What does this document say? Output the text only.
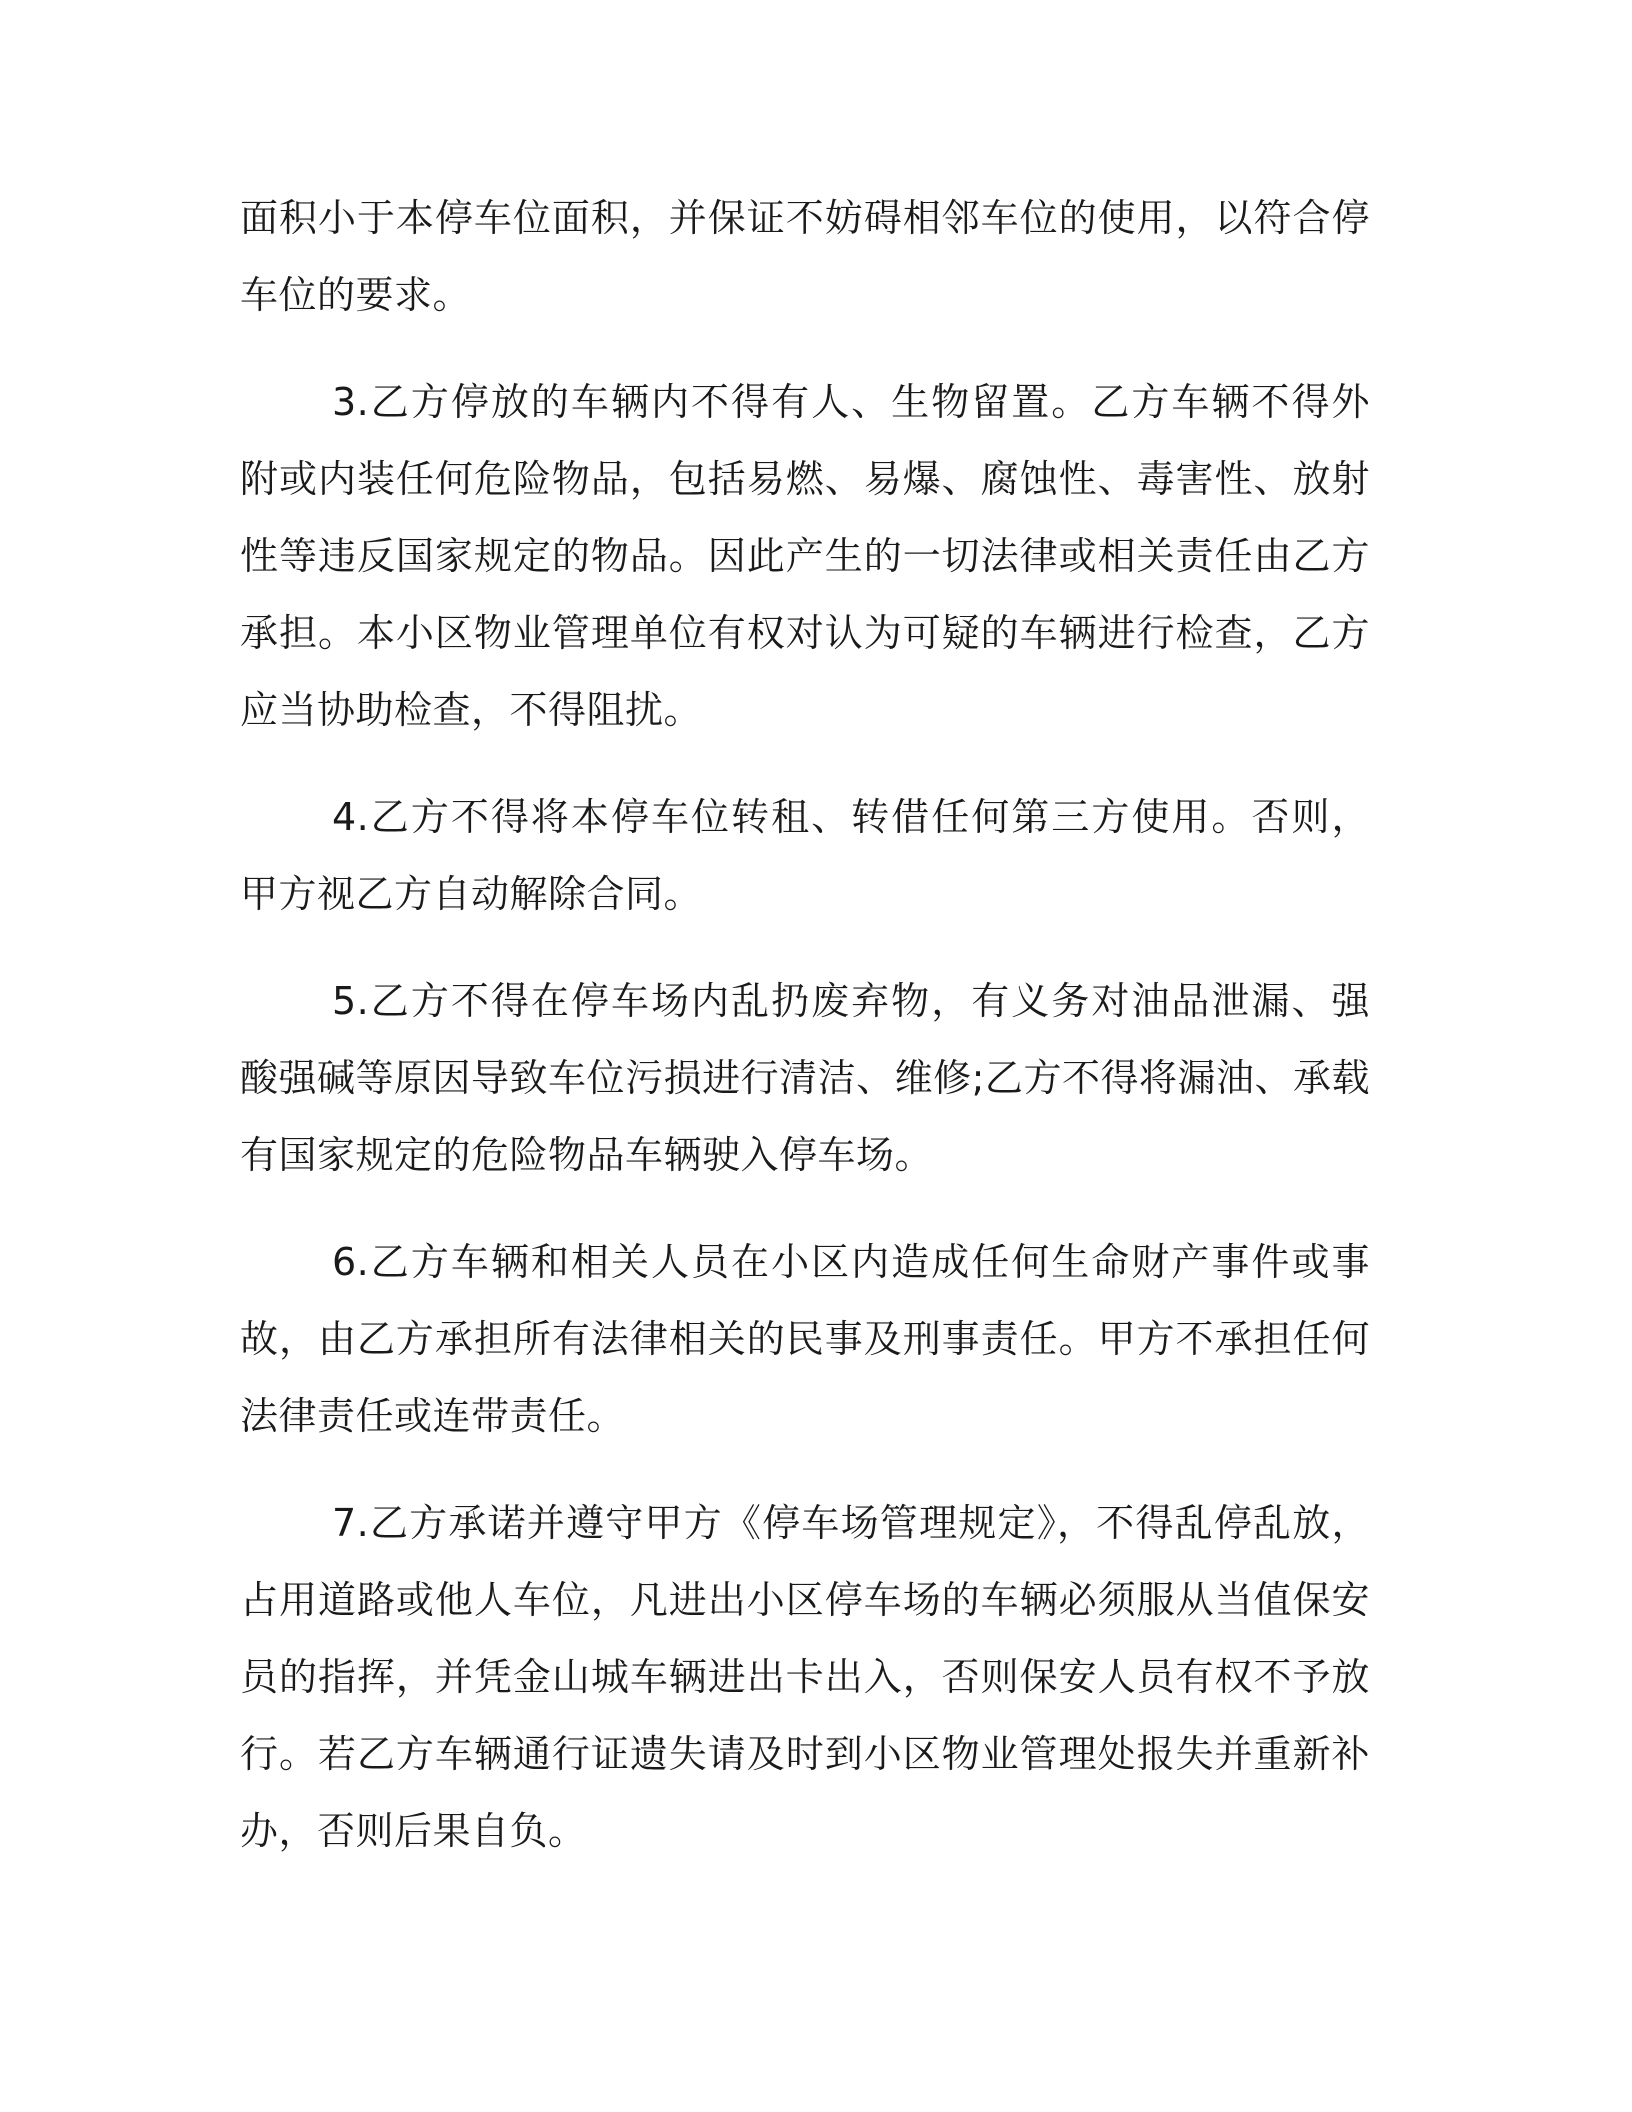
面积小于本停车位面积，并保证不妨碍相邻车位的使用，以符合停车位的要求。

3.乙方停放的车辆内不得有人、生物留置。乙方车辆不得外附或内装任何危险物品，包括易燃、易爆、腐蚀性、毒害性、放射性等违反国家规定的物品。因此产生的一切法律或相关责任由乙方承担。本小区物业管理单位有权对认为可疑的车辆进行检查，乙方应当协助检查，不得阻扰。

4.乙方不得将本停车位转租、转借任何第三方使用。否则，甲方视乙方自动解除合同。

5.乙方不得在停车场内乱扔废弃物，有义务对油品泄漏、强酸强碱等原因导致车位污损进行清洁、维修;乙方不得将漏油、承载有国家规定的危险物品车辆驶入停车场。

6.乙方车辆和相关人员在小区内造成任何生命财产事件或事故，由乙方承担所有法律相关的民事及刑事责任。甲方不承担任何法律责任或连带责任。

7.乙方承诺并遵守甲方《停车场管理规定》，不得乱停乱放，占用道路或他人车位，凡进出小区停车场的车辆必须服从当值保安员的指挥，并凭金山城车辆进出卡出入，否则保安人员有权不予放行。若乙方车辆通行证遗失请及时到小区物业管理处报失并重新补办，否则后果自负。
